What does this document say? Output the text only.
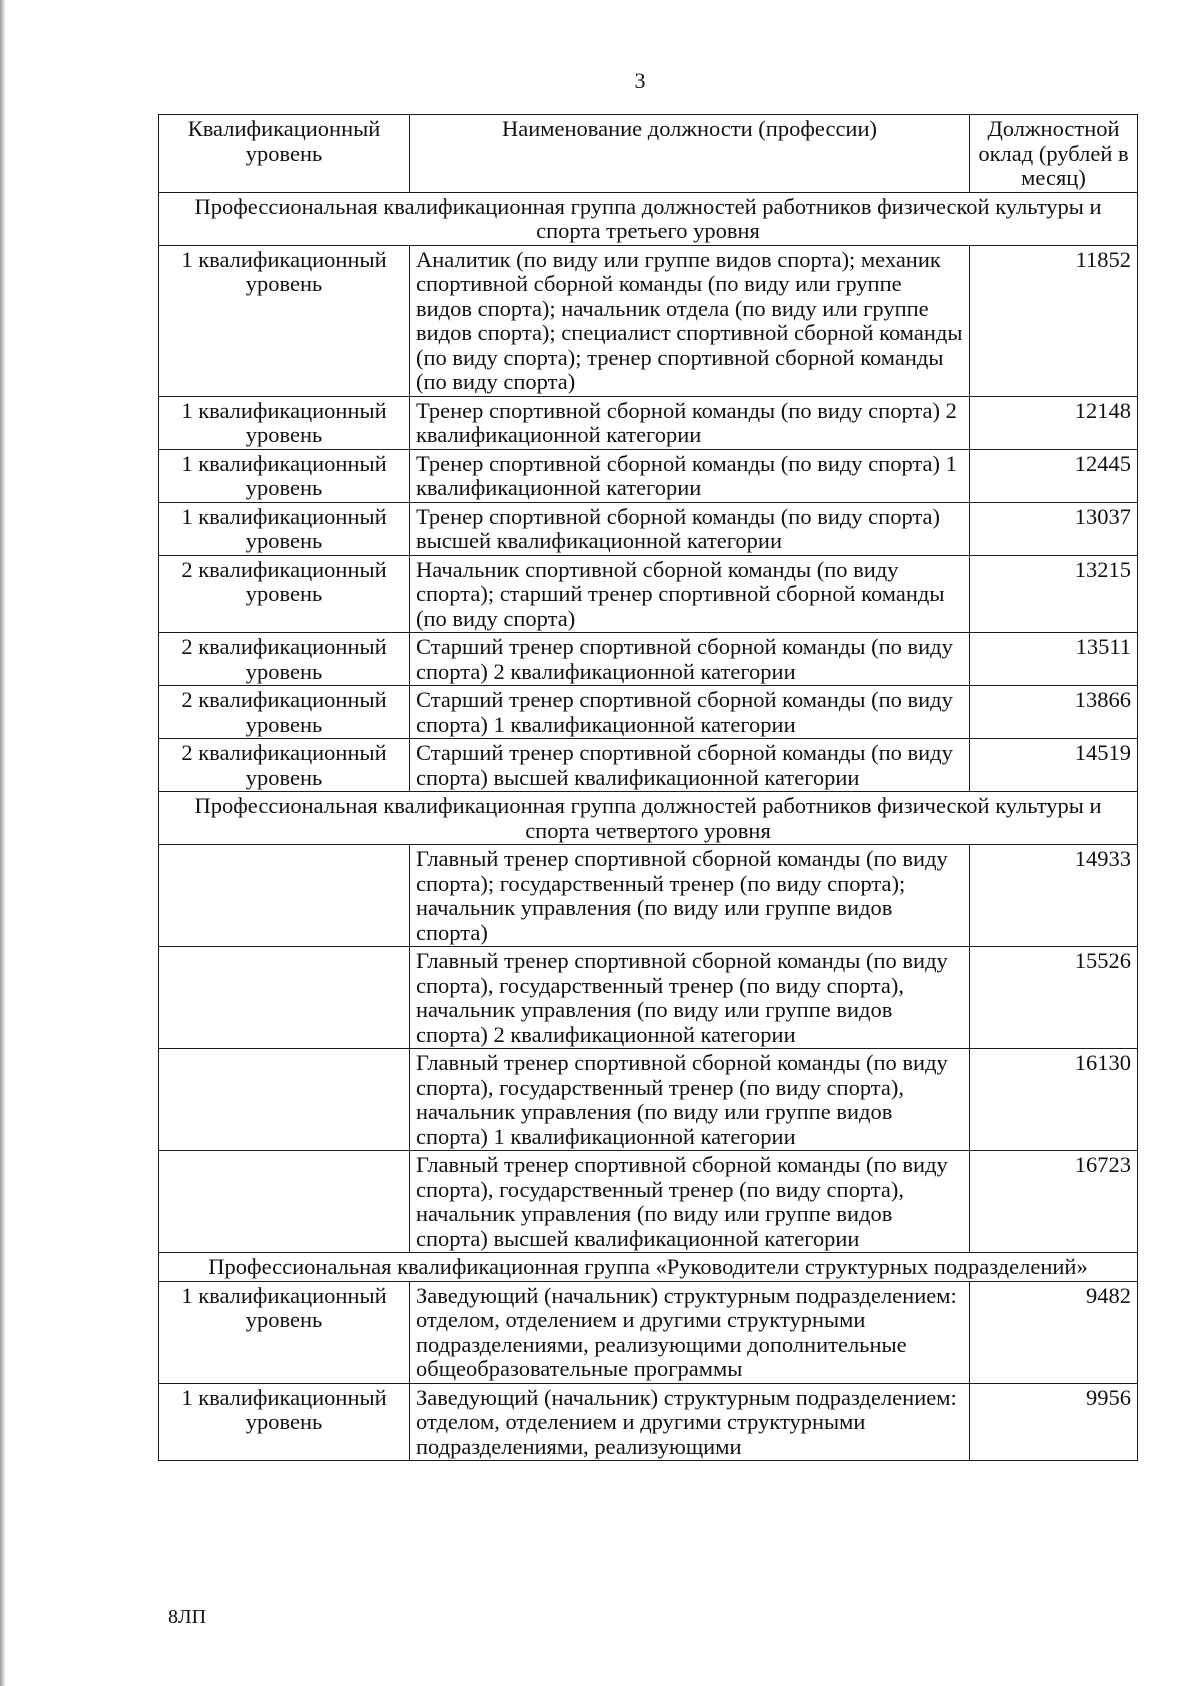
3
Квалификационный уровень	Наименование должности (профессии)	Должностной оклад (рублей в месяц)
Профессиональная квалификационная группа должностей работников физической культуры и спорта третьего уровня		
1 квалификационный уровень	Аналитик (по виду или группе видов спорта); механик спортивной сборной команды (по виду или группе видов спорта); начальник отдела (по виду или группе видов спорта); специалист спортивной сборной команды (по виду спорта); тренер спортивной сборной команды (по виду спорта)	11852
1 квалификационный уровень	Тренер спортивной сборной команды (по виду спорта) 2 квалификационной категории	12148
1 квалификационный уровень	Тренер спортивной сборной команды (по виду спорта) 1 квалификационной категории	12445
1 квалификационный уровень	Тренер спортивной сборной команды (по виду спорта) высшей квалификационной категории	13037
2 квалификационный уровень	Начальник спортивной сборной команды (по виду спорта); старший тренер спортивной сборной команды (по виду спорта)	13215
2 квалификационный уровень	Старший тренер спортивной сборной команды (по виду спорта) 2 квалификационной категории	13511
2 квалификационный уровень	Старший тренер спортивной сборной команды (по виду спорта) 1 квалификационной категории	13866
2 квалификационный уровень	Старший тренер спортивной сборной команды (по виду спорта) высшей квалификационной категории	14519
Профессиональная квалификационная группа должностей работников физической культуры и спорта четвертого уровня		
	Главный тренер спортивной сборной команды (по виду спорта); государственный тренер (по виду спорта); начальник управления (по виду или группе видов спорта)	14933
	Главный тренер спортивной сборной команды (по виду спорта), государственный тренер (по виду спорта), начальник управления (по виду или группе видов спорта) 2 квалификационной категории	15526
	Главный тренер спортивной сборной команды (по виду спорта), государственный тренер (по виду спорта), начальник управления (по виду или группе видов спорта) 1 квалификационной категории	16130
	Главный тренер спортивной сборной команды (по виду спорта), государственный тренер (по виду спорта), начальник управления (по виду или группе видов спорта) высшей квалификационной категории	16723
Профессиональная квалификационная группа «Руководители структурных подразделений»		
1 квалификационный уровень	Заведующий (начальник) структурным подразделением: отделом, отделением и другими структурными подразделениями, реализующими дополнительные общеобразовательные программы	9482
1 квалификационный уровень	Заведующий (начальник) структурным подразделением: отделом, отделением и другими структурными подразделениями, реализующими	9956
8ЛП
